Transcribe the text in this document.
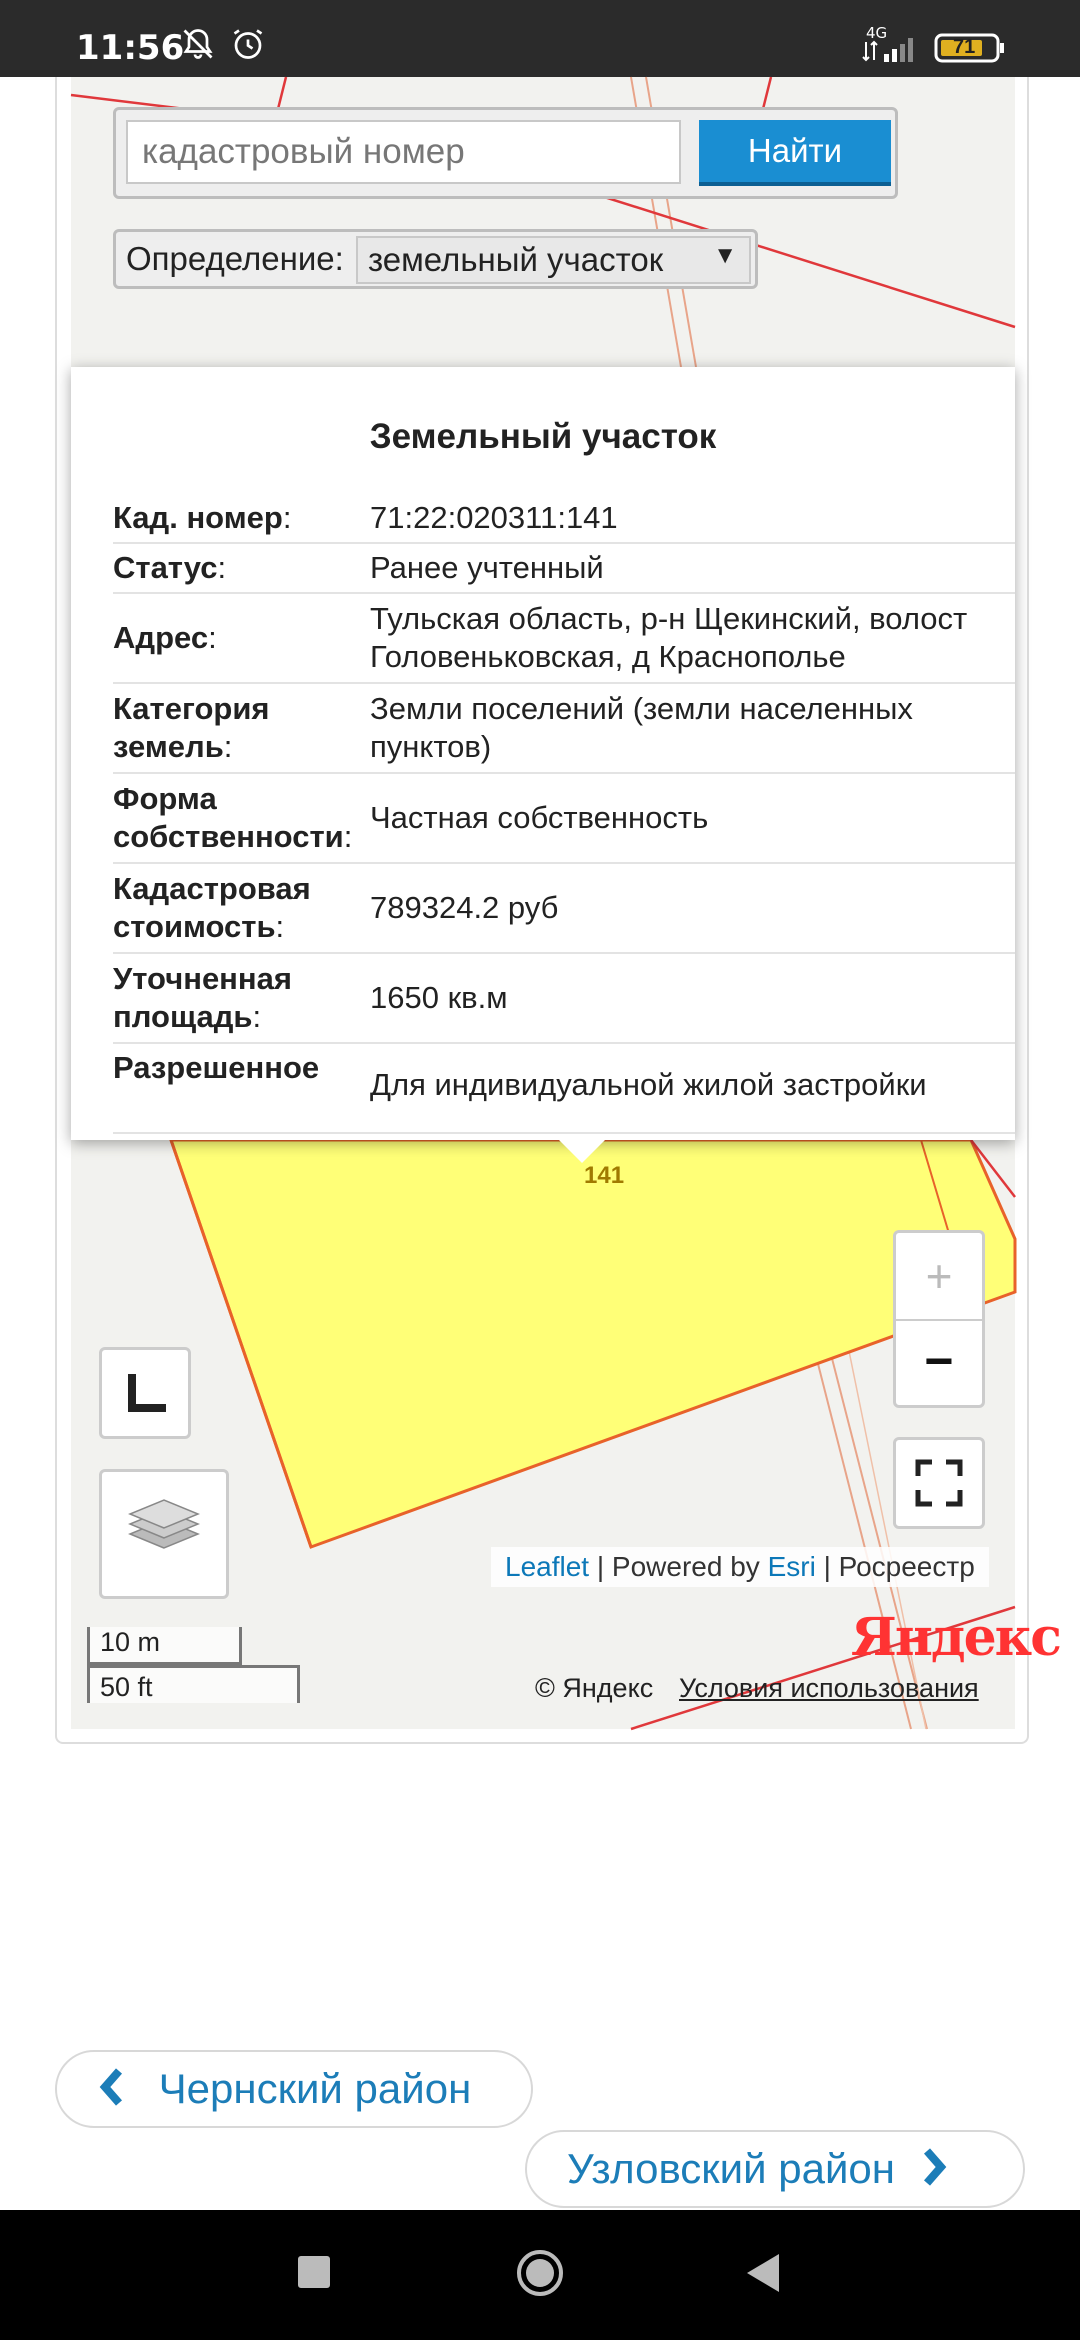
11:56	4G
71
кадастровый номер
Найти
Определение: земельный участок ▼
Земельный участок
Кад. номер:	71:22:020311:141
Статус:	Ранее учтенный
Адрес:	Тульская область, р-н Щекинский, волост Головеньковская, д Краснополье
Категория земель:	Земли поселений (земли населенных пунктов)
Форма собственности:	Частная собственность
Кадастровая стоимость:	789324.2 руб
Уточненная площадь:	1650 кв.м
Разрешенное	Для индивидуальной жилой застройки
141
+
−
Leaflet | Powered by Esri | Росреестр
10 m
50 ft
Яндекс
© Яндекс Условия использования
Чернский район
Узловский район
